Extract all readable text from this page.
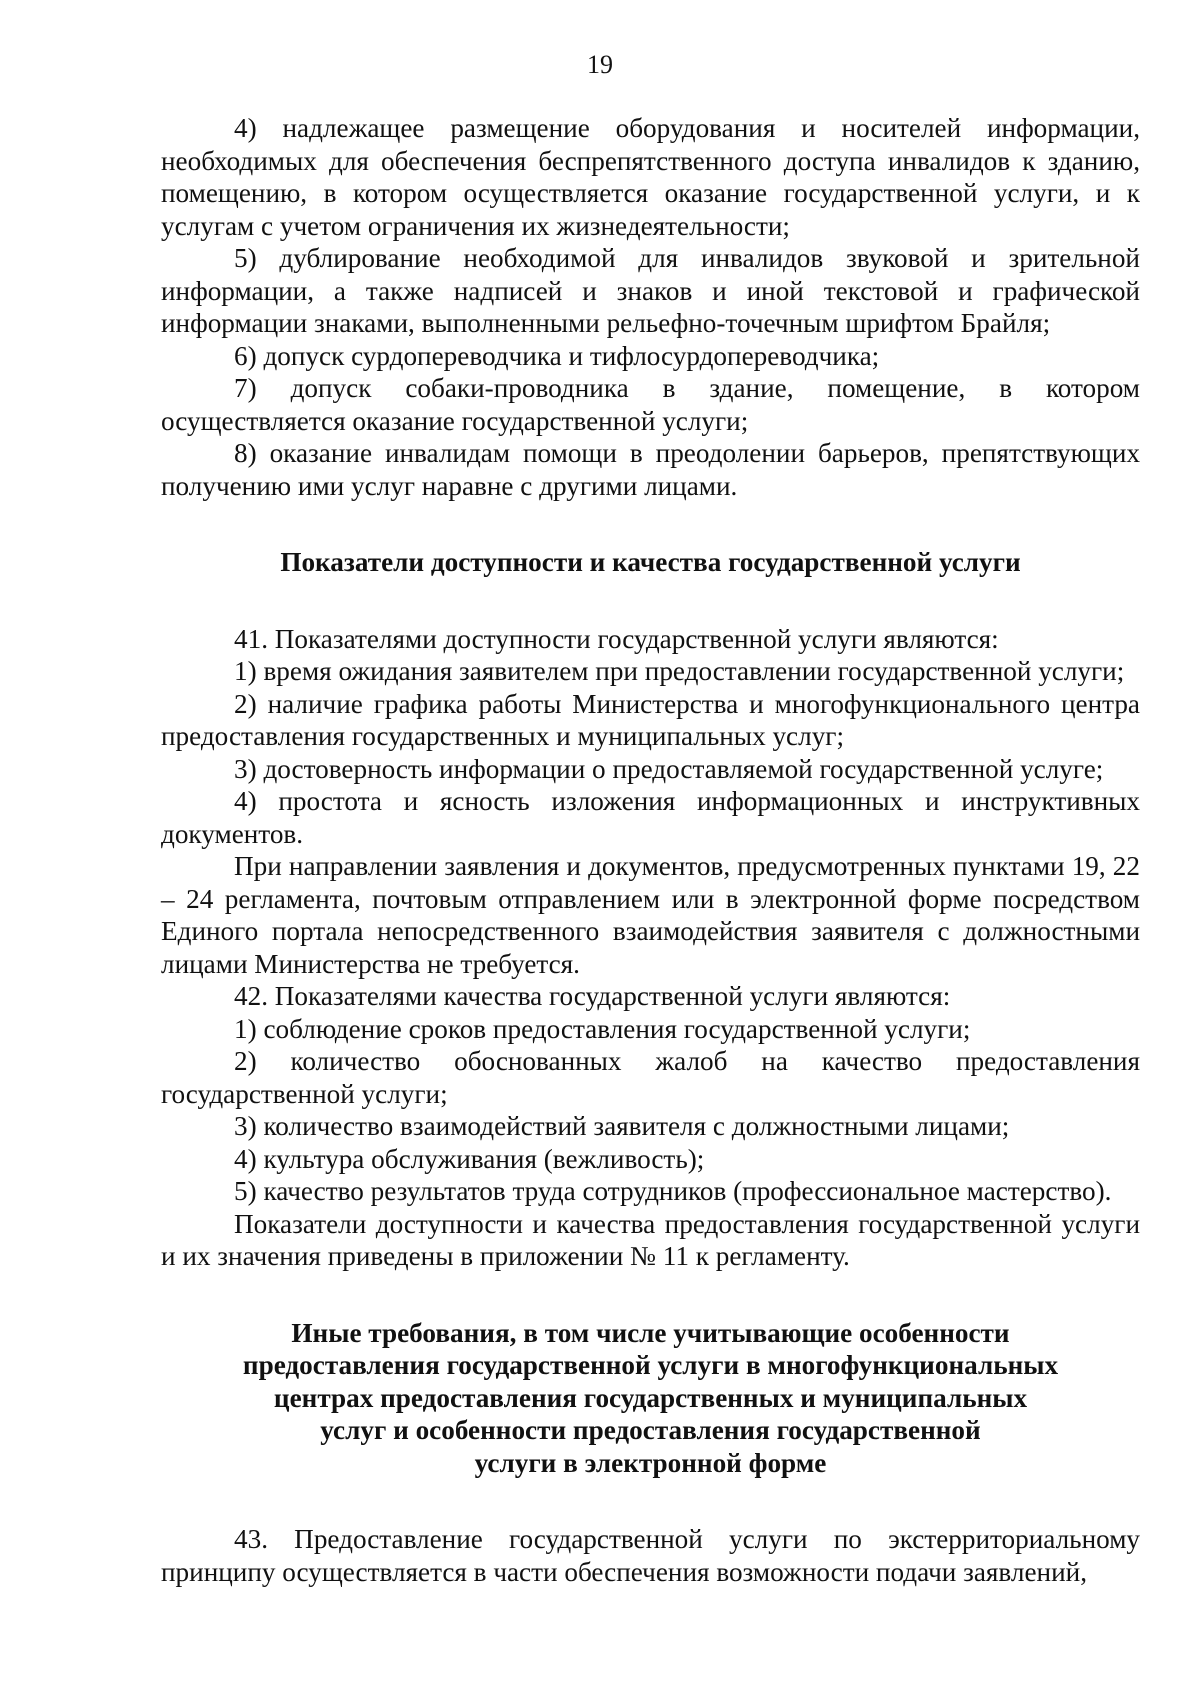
19

4) надлежащее размещение оборудования и носителей информации, необходимых для обеспечения беспрепятственного доступа инвалидов к зданию, помещению, в котором осуществляется оказание государственной услуги, и к услугам с учетом ограничения их жизнедеятельности;

5) дублирование необходимой для инвалидов звуковой и зрительной информации, а также надписей и знаков и иной текстовой и графической информации знаками, выполненными рельефно-точечным шрифтом Брайля;

6) допуск сурдопереводчика и тифлосурдопереводчика;

7) допуск собаки-проводника в здание, помещение, в котором осуществляется оказание государственной услуги;

8) оказание инвалидам помощи в преодолении барьеров, препятствующих получению ими услуг наравне с другими лицами.

Показатели доступности и качества государственной услуги

41. Показателями доступности государственной услуги являются:

1) время ожидания заявителем при предоставлении государственной услуги;

2) наличие графика работы Министерства и многофункционального центра предоставления государственных и муниципальных услуг;

3) достоверность информации о предоставляемой государственной услуге;

4) простота и ясность изложения информационных и инструктивных документов.

При направлении заявления и документов, предусмотренных пунктами 19, 22 – 24 регламента, почтовым отправлением или в электронной форме посредством Единого портала непосредственного взаимодействия заявителя с должностными лицами Министерства не требуется.

42. Показателями качества государственной услуги являются:

1) соблюдение сроков предоставления государственной услуги;

2) количество обоснованных жалоб на качество предоставления государственной услуги;

3) количество взаимодействий заявителя с должностными лицами;

4) культура обслуживания (вежливость);

5) качество результатов труда сотрудников (профессиональное мастерство).

Показатели доступности и качества предоставления государственной услуги и их значения приведены в приложении № 11 к регламенту.

Иные требования, в том числе учитывающие особенности
предоставления государственной услуги в многофункциональных
центрах предоставления государственных и муниципальных
услуг и особенности предоставления государственной
услуги в электронной форме

43. Предоставление государственной услуги по экстерриториальному принципу осуществляется в части обеспечения возможности подачи заявлений,
